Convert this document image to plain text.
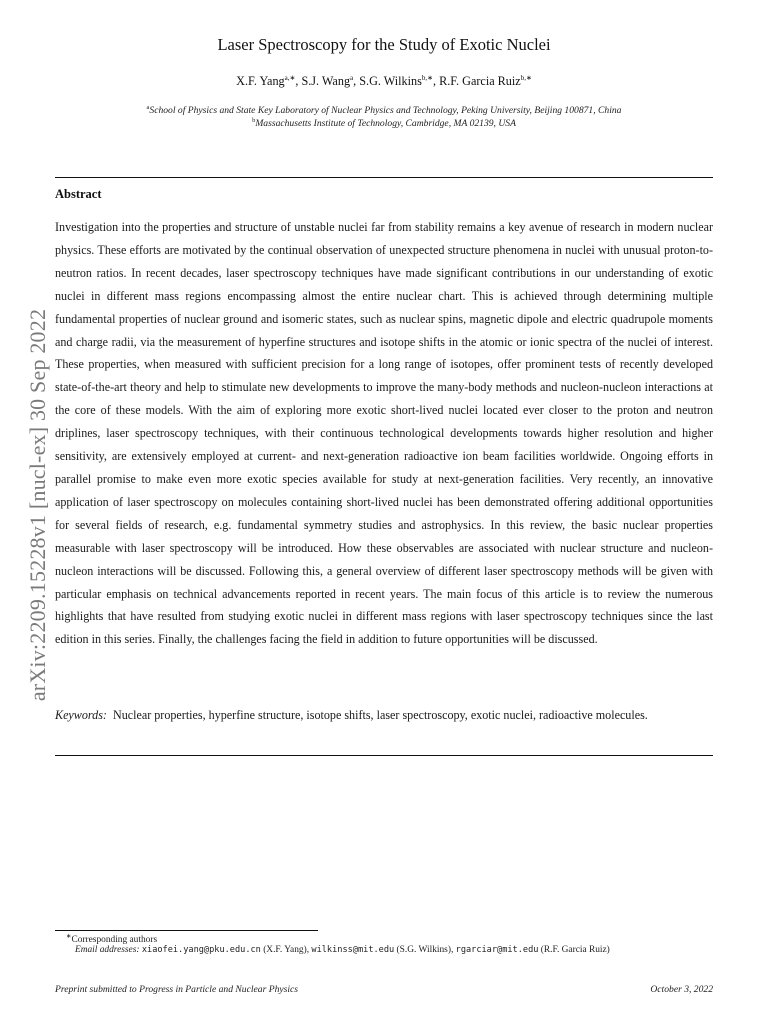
arXiv:2209.15228v1 [nucl-ex] 30 Sep 2022
Laser Spectroscopy for the Study of Exotic Nuclei
X.F. Yang$^{a,∗}$, S.J. Wang$^a$, S.G. Wilkins$^{b,∗}$, R.F. Garcia Ruiz$^{b,∗}$
$^a$School of Physics and State Key Laboratory of Nuclear Physics and Technology, Peking University, Beijing 100871, China
$^b$Massachusetts Institute of Technology, Cambridge, MA 02139, USA
Abstract

Investigation into the properties and structure of unstable nuclei far from stability remains a key avenue of research in modern nuclear physics. These efforts are motivated by the continual observation of unexpected structure phenomena in nuclei with unusual proton-to-neutron ratios. In recent decades, laser spectroscopy techniques have made significant contributions in our understanding of exotic nuclei in different mass regions encompassing almost the entire nuclear chart. This is achieved through determining multiple fundamental properties of nuclear ground and isomeric states, such as nuclear spins, magnetic dipole and electric quadrupole moments and charge radii, via the measurement of hyperfine structures and isotope shifts in the atomic or ionic spectra of the nuclei of interest. These properties, when measured with sufficient precision for a long range of isotopes, offer prominent tests of recently developed state-of-the-art theory and help to stimulate new developments to improve the many-body methods and nucleon-nucleon interactions at the core of these models. With the aim of exploring more exotic short-lived nuclei located ever closer to the proton and neutron driplines, laser spectroscopy techniques, with their continuous technological developments towards higher resolution and higher sensitivity, are extensively employed at current- and next-generation radioactive ion beam facilities worldwide. Ongoing efforts in parallel promise to make even more exotic species available for study at next-generation facilities. Very recently, an innovative application of laser spectroscopy on molecules containing short-lived nuclei has been demonstrated offering additional opportunities for several fields of research, e.g. fundamental symmetry studies and astrophysics. In this review, the basic nuclear properties measurable with laser spectroscopy will be introduced. How these observables are associated with nuclear structure and nucleon-nucleon interactions will be discussed. Following this, a general overview of different laser spectroscopy methods will be given with particular emphasis on technical advancements reported in recent years. The main focus of this article is to review the numerous highlights that have resulted from studying exotic nuclei in different mass regions with laser spectroscopy techniques since the last edition in this series. Finally, the challenges facing the field in addition to future opportunities will be discussed.

Keywords: Nuclear properties, hyperfine structure, isotope shifts, laser spectroscopy, exotic nuclei, radioactive molecules.

∗Corresponding authors
Email addresses: xiaofei.yang@pku.edu.cn (X.F. Yang), wilkinss@mit.edu (S.G. Wilkins), rgarciar@mit.edu (R.F. Garcia Ruiz)
Preprint submitted to Progress in Particle and Nuclear Physics	October 3, 2022
